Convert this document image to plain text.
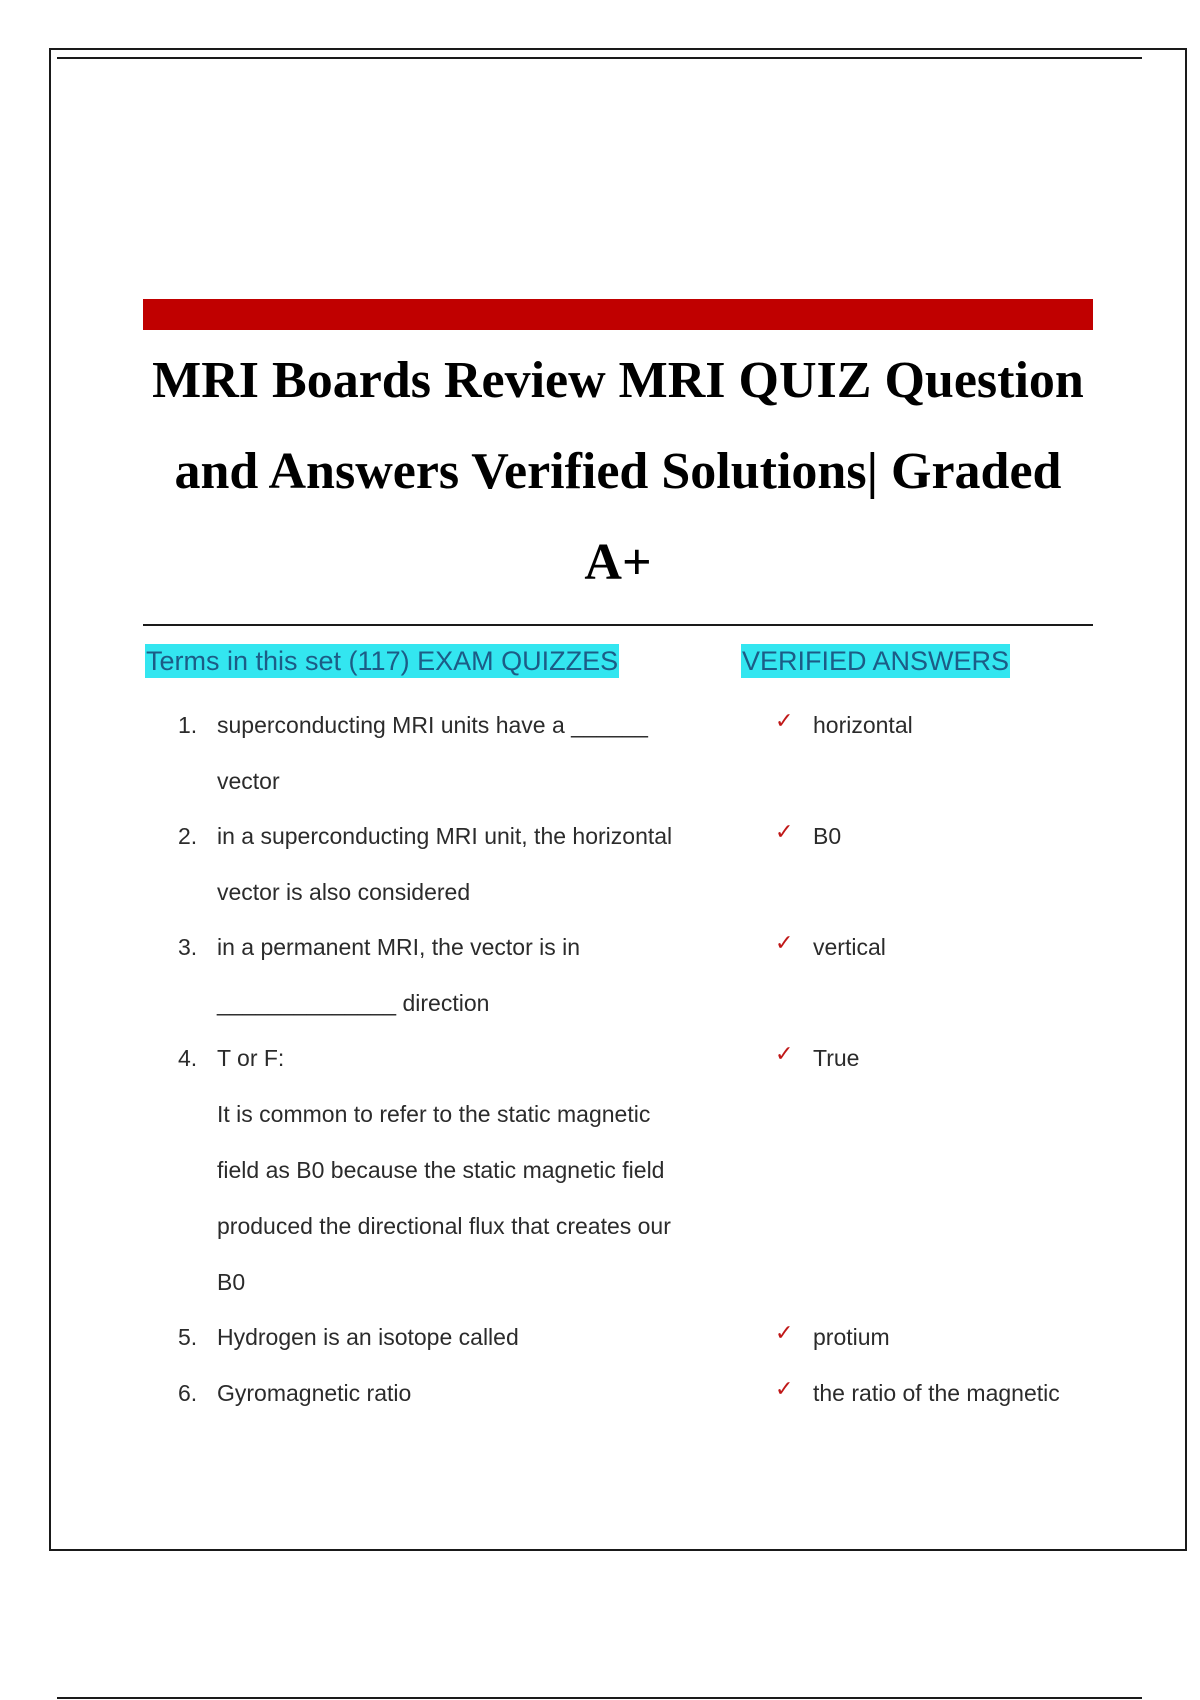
MRI Boards Review MRI QUIZ Question
and Answers Verified Solutions| Graded
A+
Terms in this set (117) EXAM QUIZZES	VERIFIED ANSWERS
1. superconducting MRI units have a ______
vector
✓ horizontal
2. in a superconducting MRI unit, the horizontal
vector is also considered
✓ B0
3. in a permanent MRI, the vector is in
______________ direction
✓ vertical
4. T or F:
It is common to refer to the static magnetic
field as B0 because the static magnetic field
produced the directional flux that creates our
B0
✓ True
5. Hydrogen is an isotope called	✓ protium
6. Gyromagnetic ratio	✓ the ratio of the magnetic
